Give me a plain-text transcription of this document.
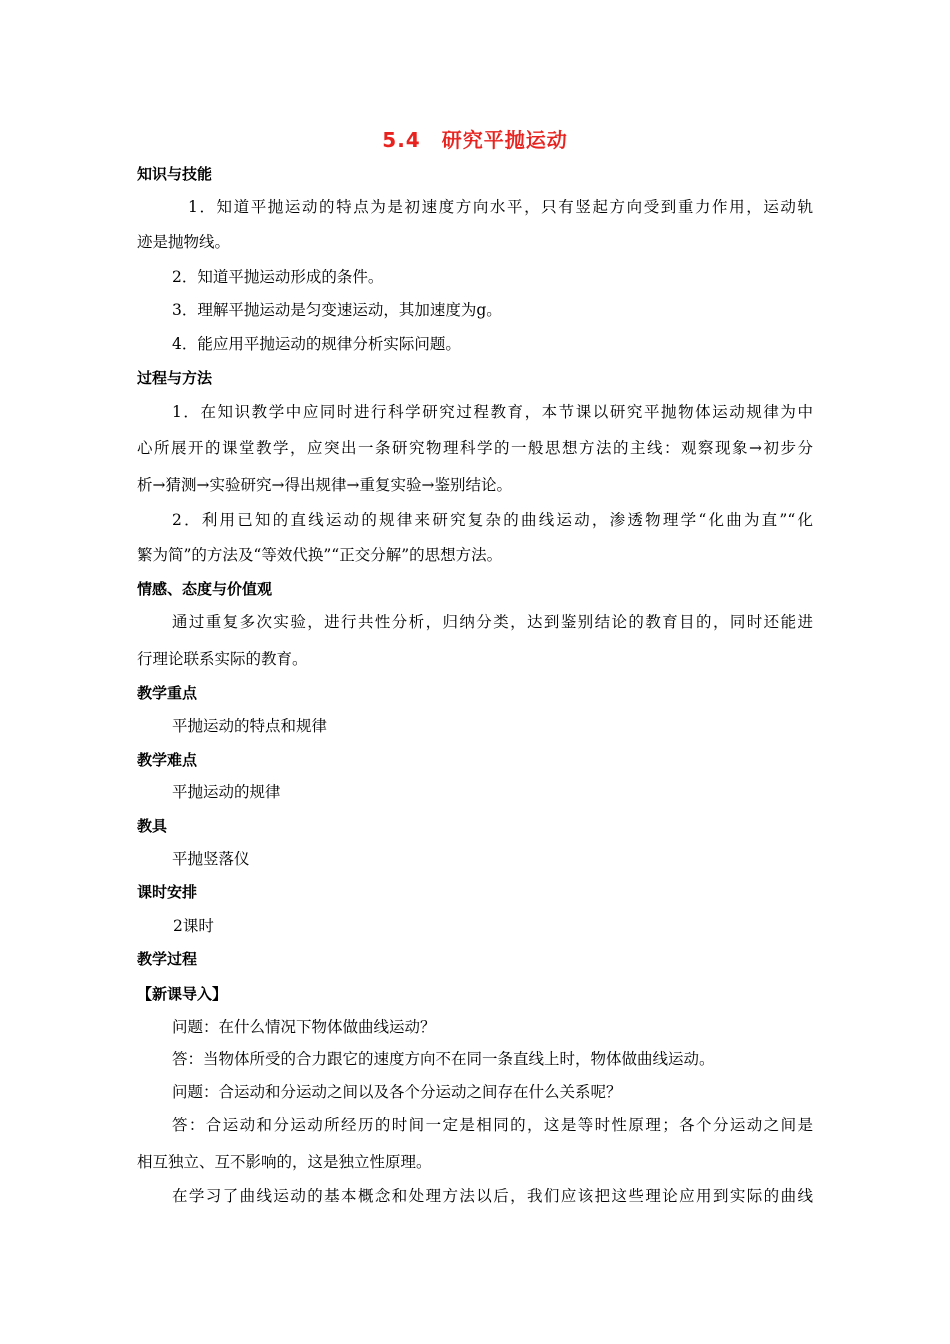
5.4　研究平抛运动
知识与技能
1．知道平抛运动的特点为是初速度方向水平，只有竖起方向受到重力作用，运动轨
迹是抛物线。
2．知道平抛运动形成的条件。
3．理解平抛运动是匀变速运动，其加速度为g。
4．能应用平抛运动的规律分析实际问题。
过程与方法
1．在知识教学中应同时进行科学研究过程教育，本节课以研究平抛物体运动规律为中
心所展开的课堂教学，应突出一条研究物理科学的一般思想方法的主线：观察现象→初步分
析→猜测→实验研究→得出规律→重复实验→鉴别结论。
2．利用已知的直线运动的规律来研究复杂的曲线运动，渗透物理学“化曲为直”“化
繁为简”的方法及“等效代换”“正交分解”的思想方法。
情感、态度与价值观
通过重复多次实验，进行共性分析，归纳分类，达到鉴别结论的教育目的，同时还能进
行理论联系实际的教育。
教学重点
平抛运动的特点和规律
教学难点
平抛运动的规律
教具
平抛竖落仪
课时安排
2课时
教学过程
【新课导入】
问题：在什么情况下物体做曲线运动？
答：当物体所受的合力跟它的速度方向不在同一条直线上时，物体做曲线运动。
问题：合运动和分运动之间以及各个分运动之间存在什么关系呢？
答：合运动和分运动所经历的时间一定是相同的，这是等时性原理；各个分运动之间是
相互独立、互不影响的，这是独立性原理。
在学习了曲线运动的基本概念和处理方法以后，我们应该把这些理论应用到实际的曲线
